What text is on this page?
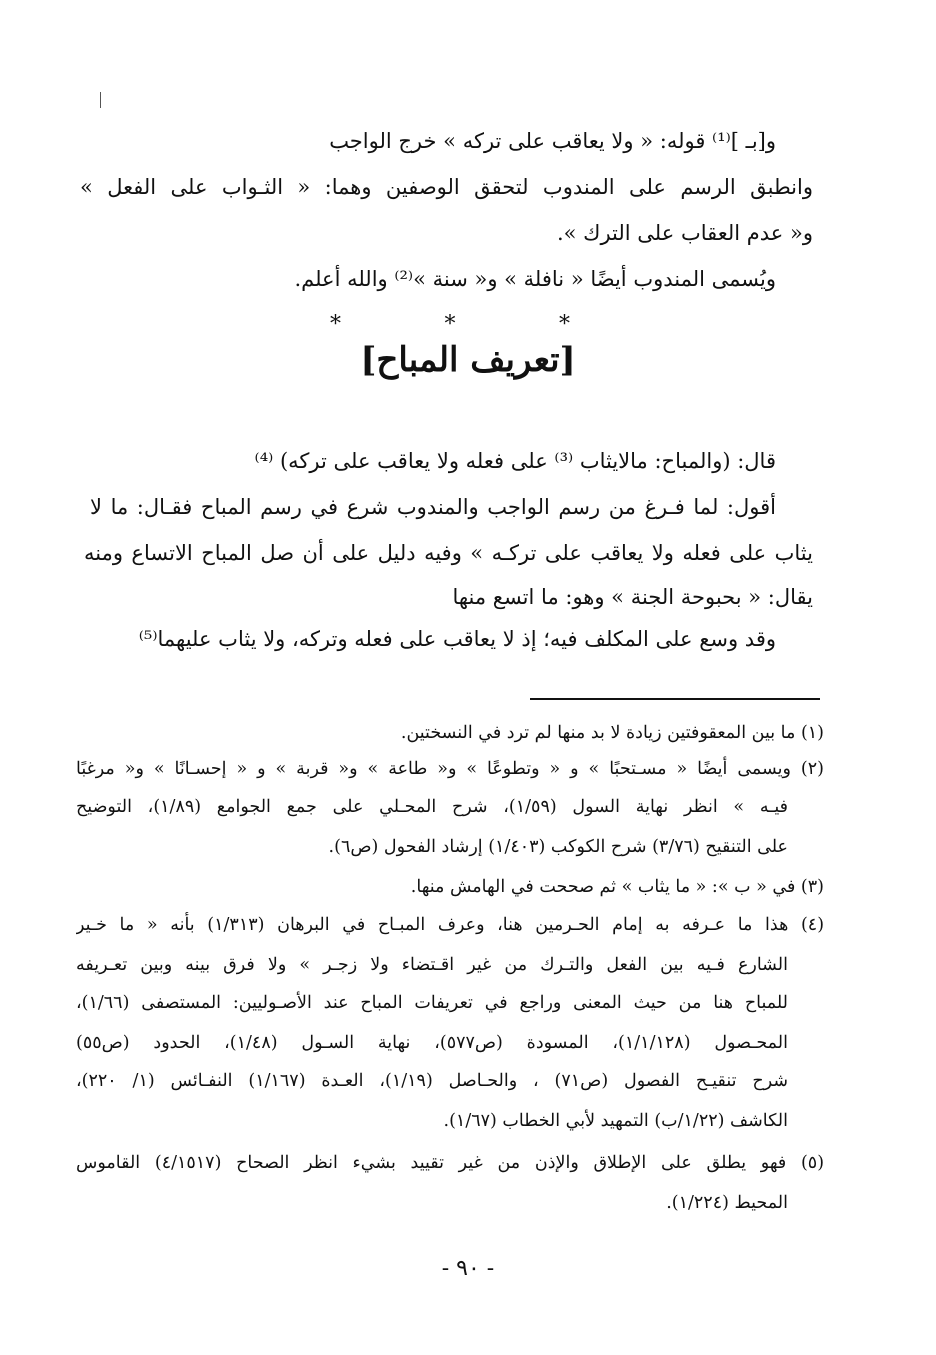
و[بـ ]⁽¹⁾ قوله: « ولا يعاقب على تركه » خرج الواجب
وانطبق الرسم على المندوب لتحقق الوصفين وهما: « الثـواب على الفعل »
و« عدم العقاب على الترك ».
ويُسمى المندوب أيضًا « نافلة » و« سنة »⁽²⁾ والله أعلم.
*
*
*
[تعريف المباح]
قال: (والمباح: مالايثاب ⁽³⁾ على فعله ولا يعاقب على تركه) ⁽⁴⁾
أقول: لما فـرغ من رسم الواجب والمندوب شرع في رسم المباح فقـال: ما لا
يثاب على فعله ولا يعاقب على تركـه » وفيه دليل على أن صل المباح الاتساع ومنه
يقال: « بحبوحة الجنة » وهو: ما اتسع منها
وقد وسع على المكلف فيه؛ إذ لا يعاقب على فعله وتركه، ولا يثاب عليهما⁽⁵⁾
(١) ما بين المعقوفتين زيادة لا بد منها لم ترد في النسختين.
(٢) ويسمى أيضًا « مسـتحبًا » و « وتطوعًا » و« طاعة » و« قربة » و « إحسـانًا » و« مرغبًا
فيـه » انظر نهاية السول (١/٥٩)، شرح المحـلي على جمع الجوامع (١/٨٩)، التوضيح
على التنقيح (٣/٧٦) شرح الكوكب (١/٤٠٣) إرشاد الفحول (ص٦).
(٣) في « ب »: « ما يثاب » ثم صححت في الهامش منها.
(٤) هذا ما عـرفه به إمام الحـرمين هنا، وعرف المبـاح في البرهان (١/٣١٣) بأنه « ما خـير
الشارع فـيه بين الفعل والتـرك من غير اقـتضاء ولا زجـر » ولا فرق بينه وبين تعـريفه
للمباح هنا من حيث المعنى وراجع في تعريفات المباح عند الأصـوليين: المستصفى (١/٦٦)،
المحـصول (١/١/١٢٨)، المسودة (ص٥٧٧)، نهاية السـول (١/٤٨)، الحدود (ص٥٥)
شرح تنقيـح الفصول (ص٧١) ، والحـاصل (١/١٩)، العـدة (١/١٦٧) النفـائس (١/ ٢٢٠)،
الكاشف (١/٢٢/ب) التمهيد لأبي الخطاب (١/٦٧).
(٥) فهو يطلق على الإطلاق والإذن من غير تقييد بشيء انظر الصحاح (٤/١٥١٧) القاموس
المحيط (١/٢٢٤).
- ٩٠ -
